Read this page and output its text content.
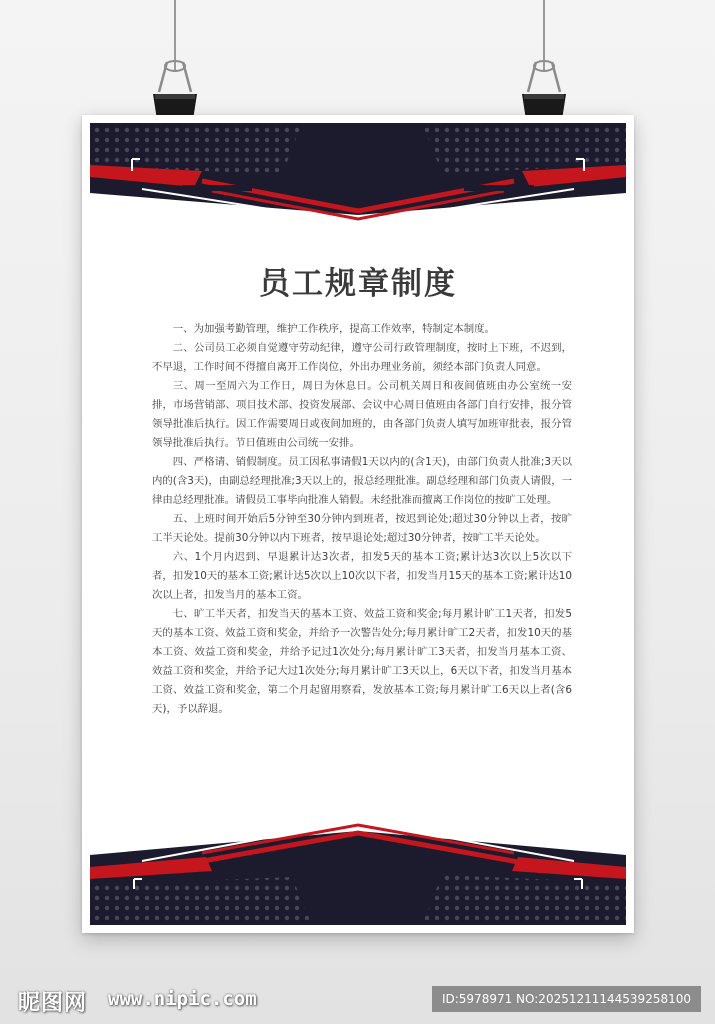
员工规章制度

一、为加强考勤管理，维护工作秩序，提高工作效率，特制定本制度。

二、公司员工必须自觉遵守劳动纪律，遵守公司行政管理制度，按时上下班，不迟到，不早退，工作时间不得擅自离开工作岗位，外出办理业务前，须经本部门负责人同意。

三、周一至周六为工作日，周日为休息日。公司机关周日和夜间值班由办公室统一安排，市场营销部、项目技术部、投资发展部、会议中心周日值班由各部门自行安排，报分管领导批准后执行。因工作需要周日或夜间加班的，由各部门负责人填写加班审批表，报分管领导批准后执行。节日值班由公司统一安排。

四、严格请、销假制度。员工因私事请假1天以内的(含1天)，由部门负责人批准;3天以内的(含3天)，由副总经理批准;3天以上的，报总经理批准。副总经理和部门负责人请假，一律由总经理批准。请假员工事毕向批准人销假。未经批准而擅离工作岗位的按旷工处理。

五、上班时间开始后5分钟至30分钟内到班者，按迟到论处;超过30分钟以上者，按旷工半天论处。提前30分钟以内下班者，按早退论处;超过30分钟者，按旷工半天论处。

六、1个月内迟到、早退累计达3次者，扣发5天的基本工资;累计达3次以上5次以下者，扣发10天的基本工资;累计达5次以上10次以下者，扣发当月15天的基本工资;累计达10次以上者，扣发当月的基本工资。

七、旷工半天者，扣发当天的基本工资、效益工资和奖金;每月累计旷工1天者，扣发5天的基本工资、效益工资和奖金，并给予一次警告处分;每月累计旷工2天者，扣发10天的基本工资、效益工资和奖金，并给予记过1次处分;每月累计旷工3天者，扣发当月基本工资、效益工资和奖金，并给予记大过1次处分;每月累计旷工3天以上，6天以下者，扣发当月基本工资、效益工资和奖金，第二个月起留用察看，发放基本工资;每月累计旷工6天以上者(含6天)，予以辞退。

昵图网 www.nipic.com	ID:5978971 NO:20251211144539258100
